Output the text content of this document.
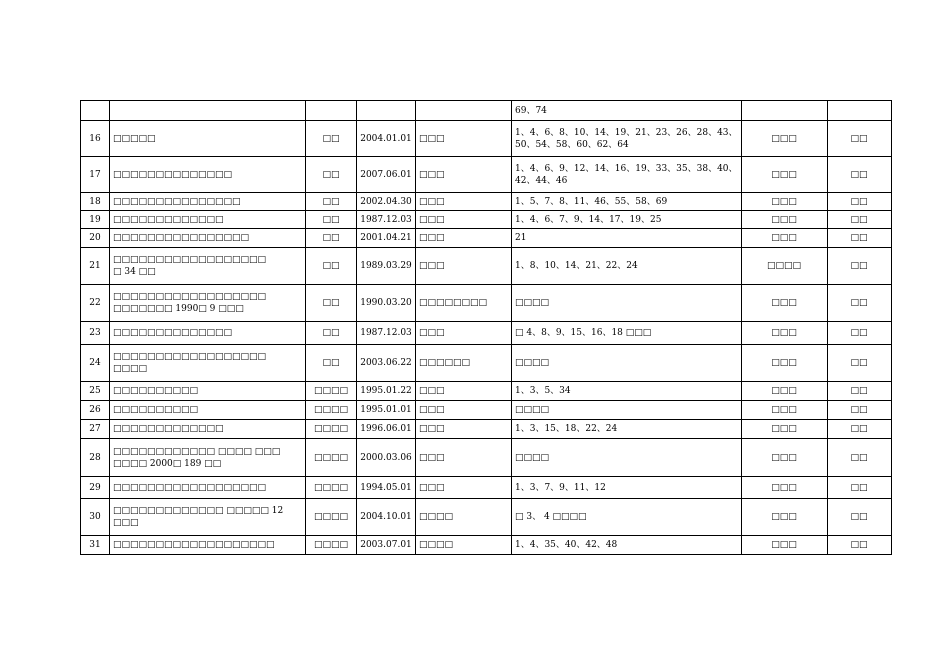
					69、74		

16	□□□□□	□□	2004.01.01	□□□	1、4、6、8、10、14、19、21、23、26、28、43、
50、54、58、60、62、64	□□□	□□
17	□□□□□□□□□□□□□□	□□	2007.06.01	□□□	1、4、6、9、12、14、16、19、33、35、38、40、
42、44、46	□□□	□□
18	□□□□□□□□□□□□□□□	□□	2002.04.30	□□□	1、5、7、8、11、46、55、58、69	□□□	□□
19	□□□□□□□□□□□□□	□□	1987.12.03	□□□	1、4、6、7、9、14、17、19、25	□□□	□□
20	□□□□□□□□□□□□□□□□	□□	2001.04.21	□□□	21	□□□	□□
21	□□□□□□□□□□□□□□□□□□
□ 34 □□	□□	1989.03.29	□□□	1、8、10、14、21、22、24	□□□□	□□
22	□□□□□□□□□□□□□□□□□□
□□□□□□□ 1990□ 9 □□□	□□	1990.03.20	□□□□□□□□	□□□□	□□□	□□
23	□□□□□□□□□□□□□□	□□	1987.12.03	□□□	□ 4、8、9、15、16、18 □□□	□□□	□□
24	□□□□□□□□□□□□□□□□□□
□□□□	□□	2003.06.22	□□□□□□	□□□□	□□□	□□
25	□□□□□□□□□□	□□□□	1995.01.22	□□□	1、3、5、34	□□□	□□
26	□□□□□□□□□□	□□□□	1995.01.01	□□□	□□□□	□□□	□□
27	□□□□□□□□□□□□□	□□□□	1996.06.01	□□□	1、3、15、18、22、24	□□□	□□
28	□□□□□□□□□□□□ □□□□ □□□
□□□□ 2000□ 189 □□	□□□□	2000.03.06	□□□	□□□□	□□□	□□
29	□□□□□□□□□□□□□□□□□□	□□□□	1994.05.01	□□□	1、3、7、9、11、12	□□□	□□
30	□□□□□□□□□□□□□ □□□□□ 12
□□□	□□□□	2004.10.01	□□□□	□ 3、 4 □□□□	□□□	□□
31	□□□□□□□□□□□□□□□□□□□	□□□□	2003.07.01	□□□□	1、4、35、40、42、48	□□□	□□
